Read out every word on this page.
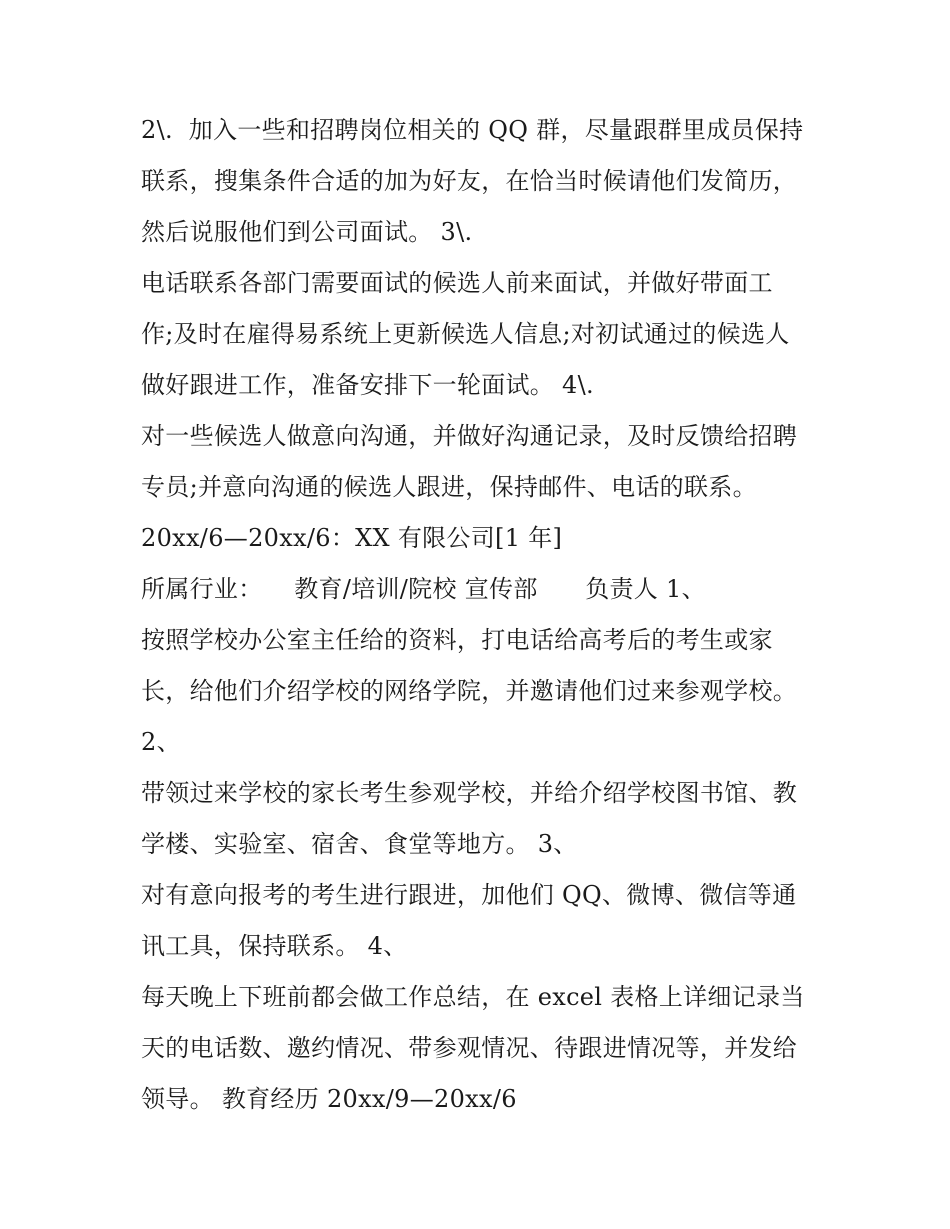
2\.  加入一些和招聘岗位相关的 QQ 群，尽量跟群里成员保持
联系，搜集条件合适的加为好友，在恰当时候请他们发简历，
然后说服他们到公司面试。 3\.
电话联系各部门需要面试的候选人前来面试，并做好带面工
作;及时在雇得易系统上更新候选人信息;对初试通过的候选人
做好跟进工作，准备安排下一轮面试。 4\.
对一些候选人做意向沟通，并做好沟通记录，及时反馈给招聘
专员;并意向沟通的候选人跟进，保持邮件、电话的联系。
20xx/6—20xx/6：XX 有限公司[1 年]
所属行业：    教育/培训/院校 宣传部      负责人 1、
按照学校办公室主任给的资料，打电话给高考后的考生或家
长，给他们介绍学校的网络学院，并邀请他们过来参观学校。
2、
带领过来学校的家长考生参观学校，并给介绍学校图书馆、教
学楼、实验室、宿舍、食堂等地方。 3、
对有意向报考的考生进行跟进，加他们 QQ、微博、微信等通
讯工具，保持联系。 4、
每天晚上下班前都会做工作总结，在 excel 表格上详细记录当
天的电话数、邀约情况、带参观情况、待跟进情况等，并发给
领导。 教育经历 20xx/9—20xx/6
